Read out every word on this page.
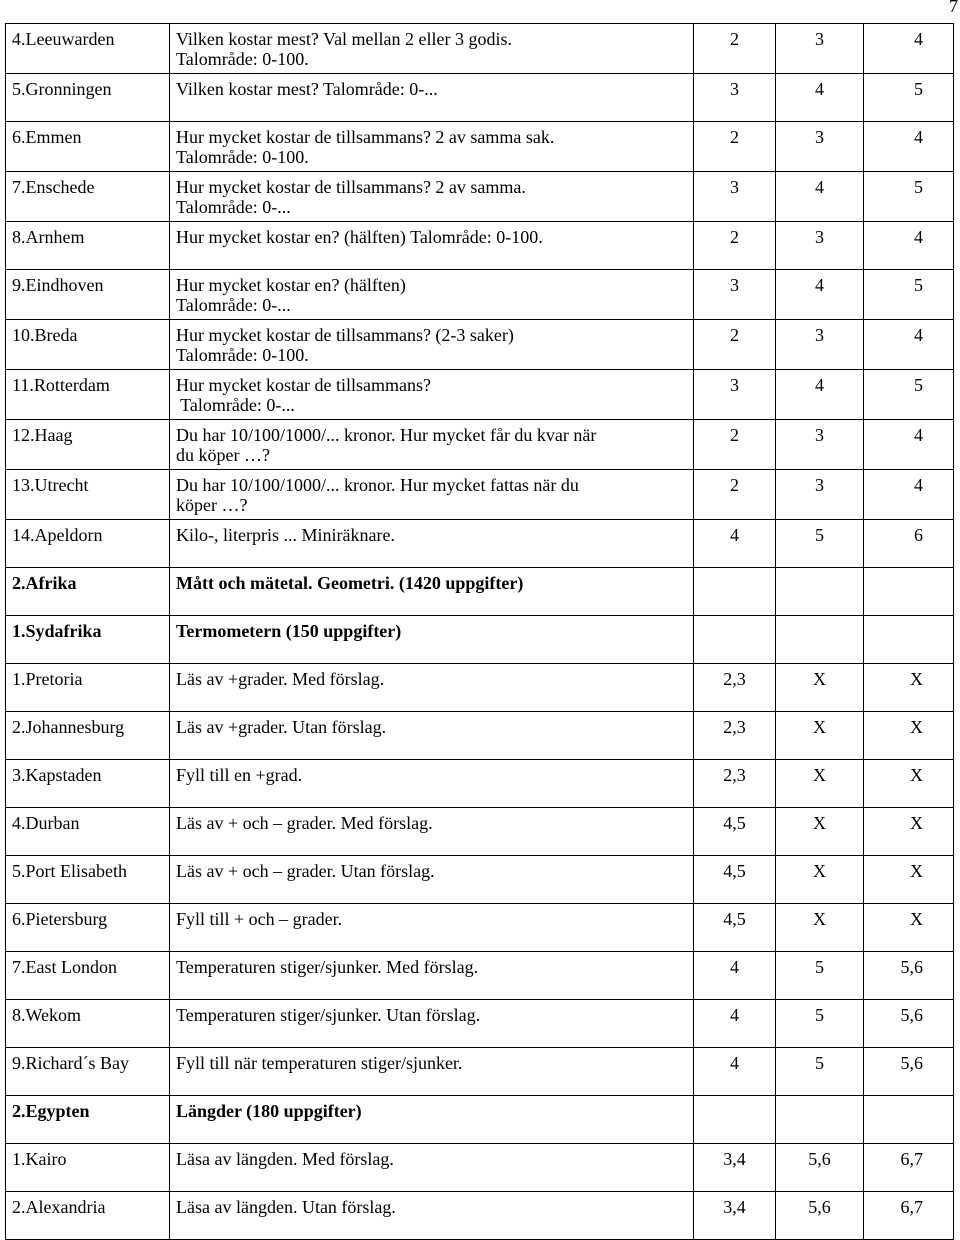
7
4.Leeuwarden	Vilken kostar mest? Val mellan 2 eller 3 godis.
Talområde: 0-100.	2	3	4
5.Gronningen	Vilken kostar mest? Talområde: 0-...	3	4	5
6.Emmen	Hur mycket kostar de tillsammans? 2 av samma sak.
Talområde: 0-100.	2	3	4
7.Enschede	Hur mycket kostar de tillsammans? 2 av samma.
Talområde: 0-...	3	4	5
8.Arnhem	Hur mycket kostar en? (hälften) Talområde: 0-100.	2	3	4
9.Eindhoven	Hur mycket kostar en? (hälften)
Talområde: 0-...	3	4	5
10.Breda	Hur mycket kostar de tillsammans? (2-3 saker)
Talområde: 0-100.	2	3	4
11.Rotterdam	Hur mycket kostar de tillsammans?
Talområde: 0-...	3	4	5
12.Haag	Du har 10/100/1000/... kronor. Hur mycket får du kvar när
du köper …?	2	3	4
13.Utrecht	Du har 10/100/1000/... kronor. Hur mycket fattas när du
köper …?	2	3	4
14.Apeldorn	Kilo-, literpris ... Miniräknare.	4	5	6
2.Afrika	Mått och mätetal. Geometri. (1420 uppgifter)			

1.Sydafrika	Termometern (150 uppgifter)			

1.Pretoria	Läs av +grader. Med förslag.	2,3	X	X
2.Johannesburg	Läs av +grader. Utan förslag.	2,3	X	X
3.Kapstaden	Fyll till en +grad.	2,3	X	X
4.Durban	Läs av + och – grader. Med förslag.	4,5	X	X
5.Port Elisabeth	Läs av + och – grader. Utan förslag.	4,5	X	X
6.Pietersburg	Fyll till + och – grader.	4,5	X	X
7.East London	Temperaturen stiger/sjunker. Med förslag.	4	5	5,6
8.Wekom	Temperaturen stiger/sjunker. Utan förslag.	4	5	5,6
9.Richard´s Bay	Fyll till när temperaturen stiger/sjunker.	4	5	5,6
2.Egypten	Längder (180 uppgifter)			

1.Kairo	Läsa av längden. Med förslag.	3,4	5,6	6,7
2.Alexandria	Läsa av längden. Utan förslag.	3,4	5,6	6,7
